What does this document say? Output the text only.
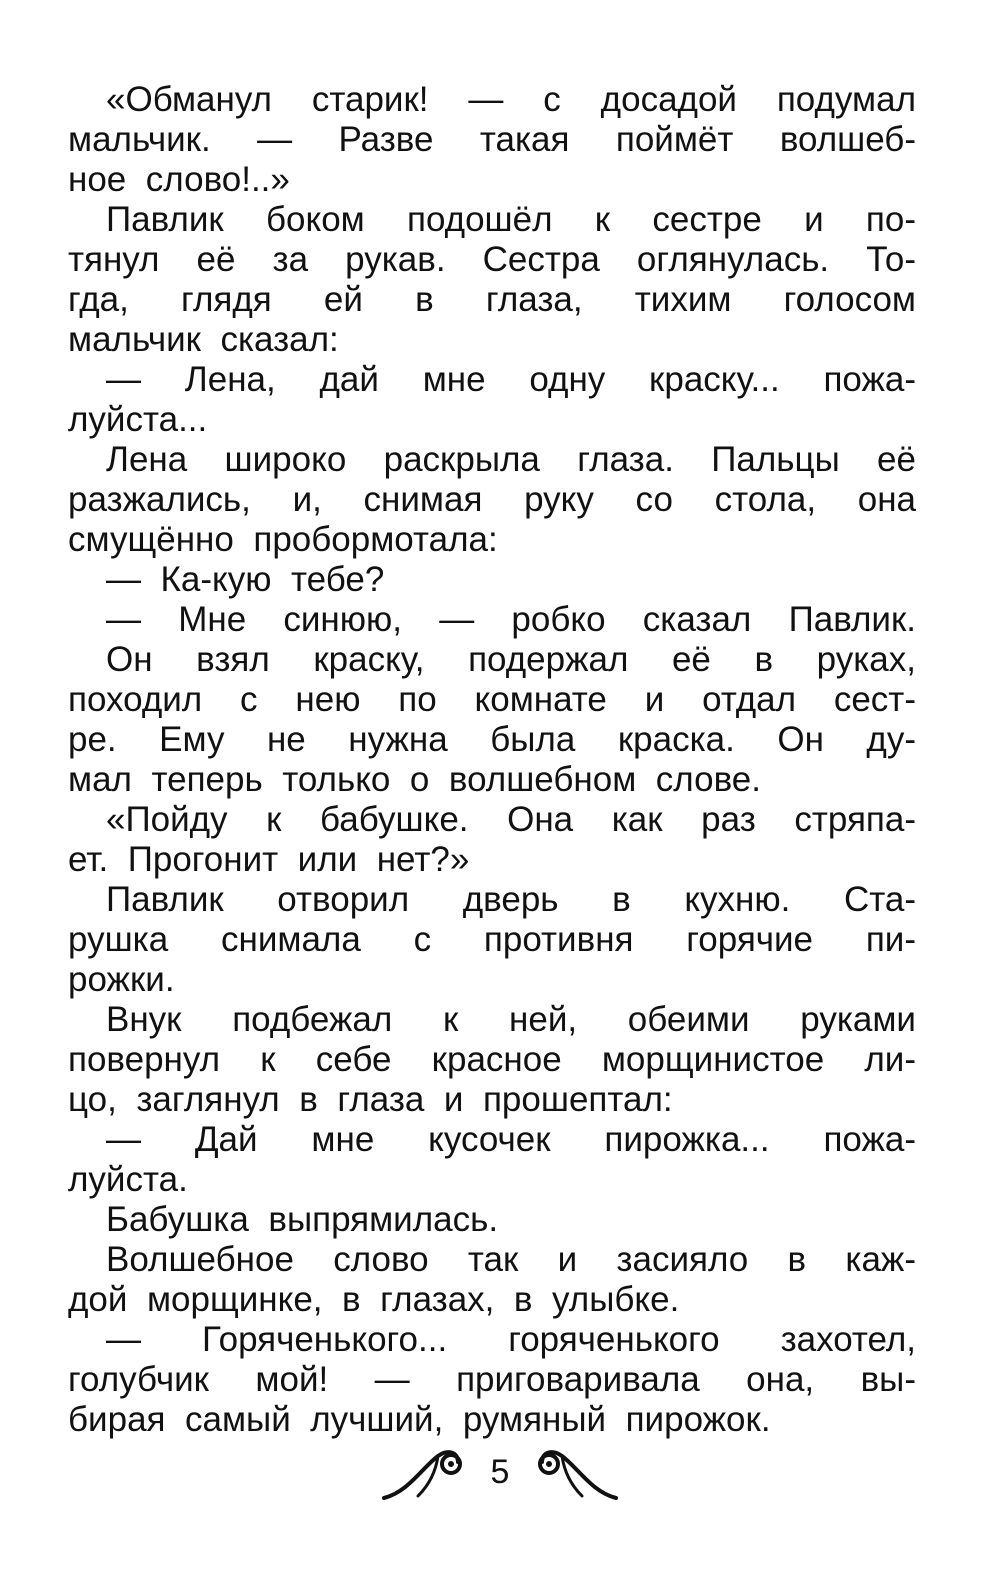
«Обманул старик! — с досадой подумал
мальчик. — Разве такая поймёт волшеб-
ное слово!..»
Павлик боком подошёл к сестре и по-
тянул её за рукав. Сестра оглянулась. То-
гда, глядя ей в глаза, тихим голосом
мальчик сказал:
— Лена, дай мне одну краску... пожа-
луйста...
Лена широко раскрыла глаза. Пальцы её
разжались, и, снимая руку со стола, она
смущённо пробормотала:
— Ка-кую тебе?
— Мне синюю, — робко сказал Павлик.
Он взял краску, подержал её в руках,
походил с нею по комнате и отдал сест-
ре. Ему не нужна была краска. Он ду-
мал теперь только о волшебном слове.
«Пойду к бабушке. Она как раз стряпа-
ет. Прогонит или нет?»
Павлик отворил дверь в кухню. Ста-
рушка снимала с противня горячие пи-
рожки.
Внук подбежал к ней, обеими руками
повернул к себе красное морщинистое ли-
цо, заглянул в глаза и прошептал:
— Дай мне кусочек пирожка... пожа-
луйста.
Бабушка выпрямилась.
Волшебное слово так и засияло в каж-
дой морщинке, в глазах, в улыбке.
— Горяченького... горяченького захотел,
голубчик мой! — приговаривала она, вы-
бирая самый лучший, румяный пирожок.
5
